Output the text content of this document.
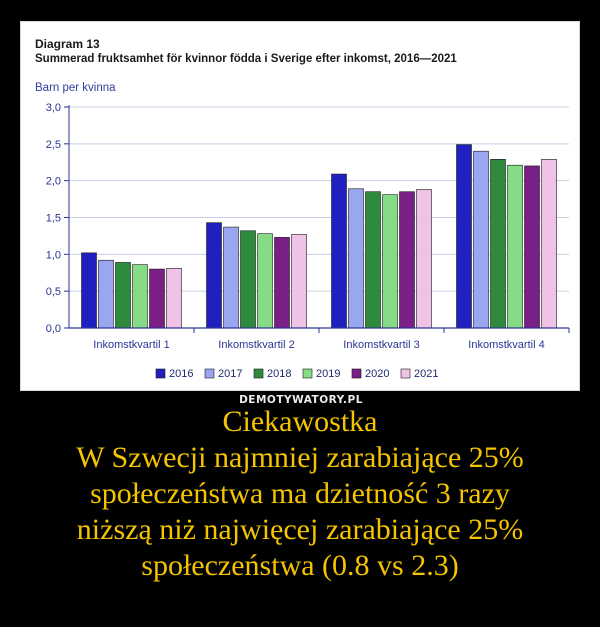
Diagram 13
Summerad fruktsamhet för kvinnor födda i Sverige efter inkomst, 2016—2021
Barn per kvinna
0,0
0,5
1,0
1,5
2,0
2,5
3,0
Inkomstkvartil 1	Inkomstkvartil 2	Inkomstkvartil 3	Inkomstkvartil 4
2016 2017 2018 2019 2020 2021
DEMOTYWATORY.PL
Ciekawostka
W Szwecji najmniej zarabiające 25%
społeczeństwa ma dzietność 3 razy
niższą niż najwięcej zarabiające 25%
społeczeństwa (0.8 vs 2.3)
